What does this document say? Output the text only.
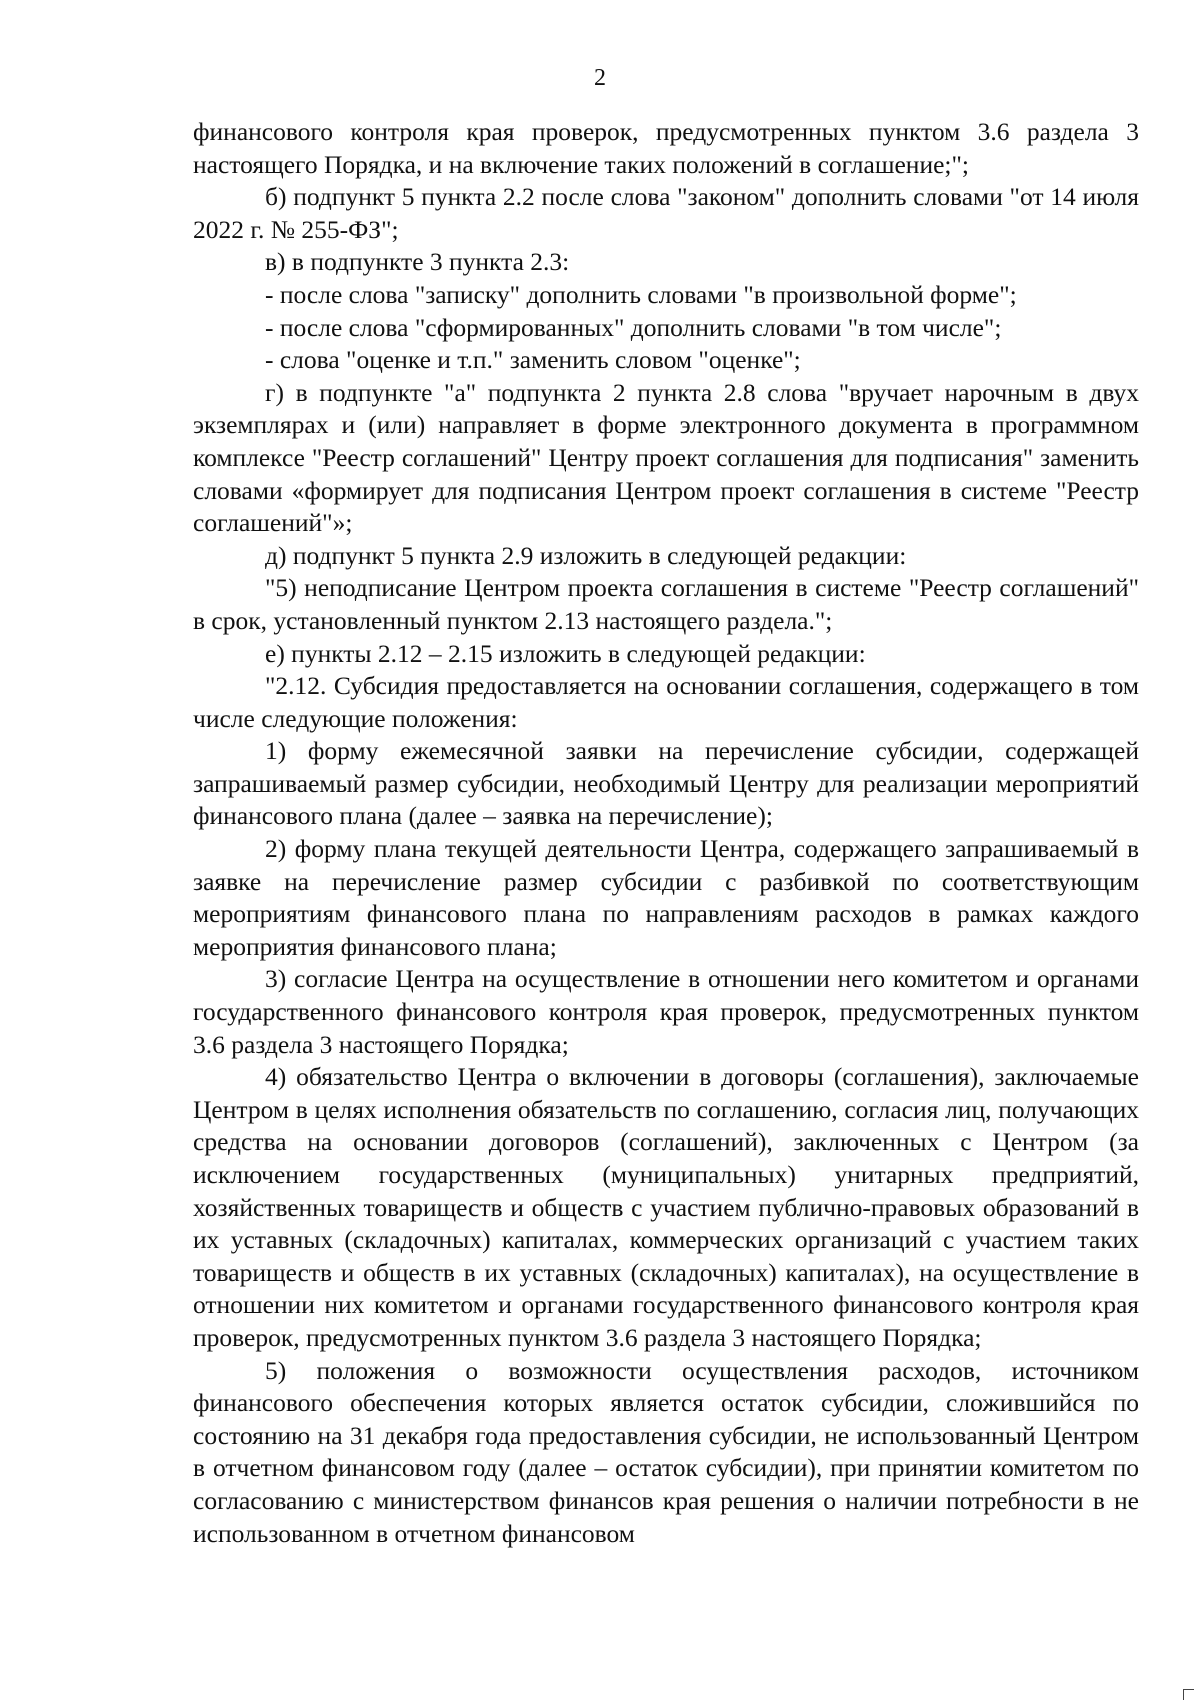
2

финансового контроля края проверок, предусмотренных пунктом 3.6 раздела 3 настоящего Порядка, и на включение таких положений в соглашение;";

б) подпункт 5 пункта 2.2 после слова "законом" дополнить словами "от 14 июля 2022 г. № 255-ФЗ";

в) в подпункте 3 пункта 2.3:

- после слова "записку" дополнить словами "в произвольной форме";

- после слова "сформированных" дополнить словами "в том числе";

- слова "оценке и т.п." заменить словом "оценке";

г) в подпункте "а" подпункта 2 пункта 2.8 слова "вручает нарочным в двух экземплярах и (или) направляет в форме электронного документа в программном комплексе "Реестр соглашений" Центру проект соглашения для подписания" заменить словами «формирует для подписания Центром проект соглашения в системе "Реестр соглашений"»;

д) подпункт 5 пункта 2.9 изложить в следующей редакции:

"5) неподписание Центром проекта соглашения в системе "Реестр соглашений" в срок, установленный пунктом 2.13 настоящего раздела.";

е) пункты 2.12 – 2.15 изложить в следующей редакции:

"2.12. Субсидия предоставляется на основании соглашения, содержащего в том числе следующие положения:

1) форму ежемесячной заявки на перечисление субсидии, содержащей запрашиваемый размер субсидии, необходимый Центру для реализации мероприятий финансового плана (далее – заявка на перечисление);

2) форму плана текущей деятельности Центра, содержащего запрашиваемый в заявке на перечисление размер субсидии с разбивкой по соответствующим мероприятиям финансового плана по направлениям расходов в рамках каждого мероприятия финансового плана;

3) согласие Центра на осуществление в отношении него комитетом и органами государственного финансового контроля края проверок, предусмотренных пунктом 3.6 раздела 3 настоящего Порядка;

4) обязательство Центра о включении в договоры (соглашения), заключаемые Центром в целях исполнения обязательств по соглашению, согласия лиц, получающих средства на основании договоров (соглашений), заключенных с Центром (за исключением государственных (муниципальных) унитарных предприятий, хозяйственных товариществ и обществ с участием публично-правовых образований в их уставных (складочных) капиталах, коммерческих организаций с участием таких товариществ и обществ в их уставных (складочных) капиталах), на осуществление в отношении них комитетом и органами государственного финансового контроля края проверок, предусмотренных пунктом 3.6 раздела 3 настоящего Порядка;

5) положения о возможности осуществления расходов, источником финансового обеспечения которых является остаток субсидии, сложившийся по состоянию на 31 декабря года предоставления субсидии, не использованный Центром в отчетном финансовом году (далее – остаток субсидии), при принятии комитетом по согласованию с министерством финансов края решения о наличии потребности в не использованном в отчетном финансовом
